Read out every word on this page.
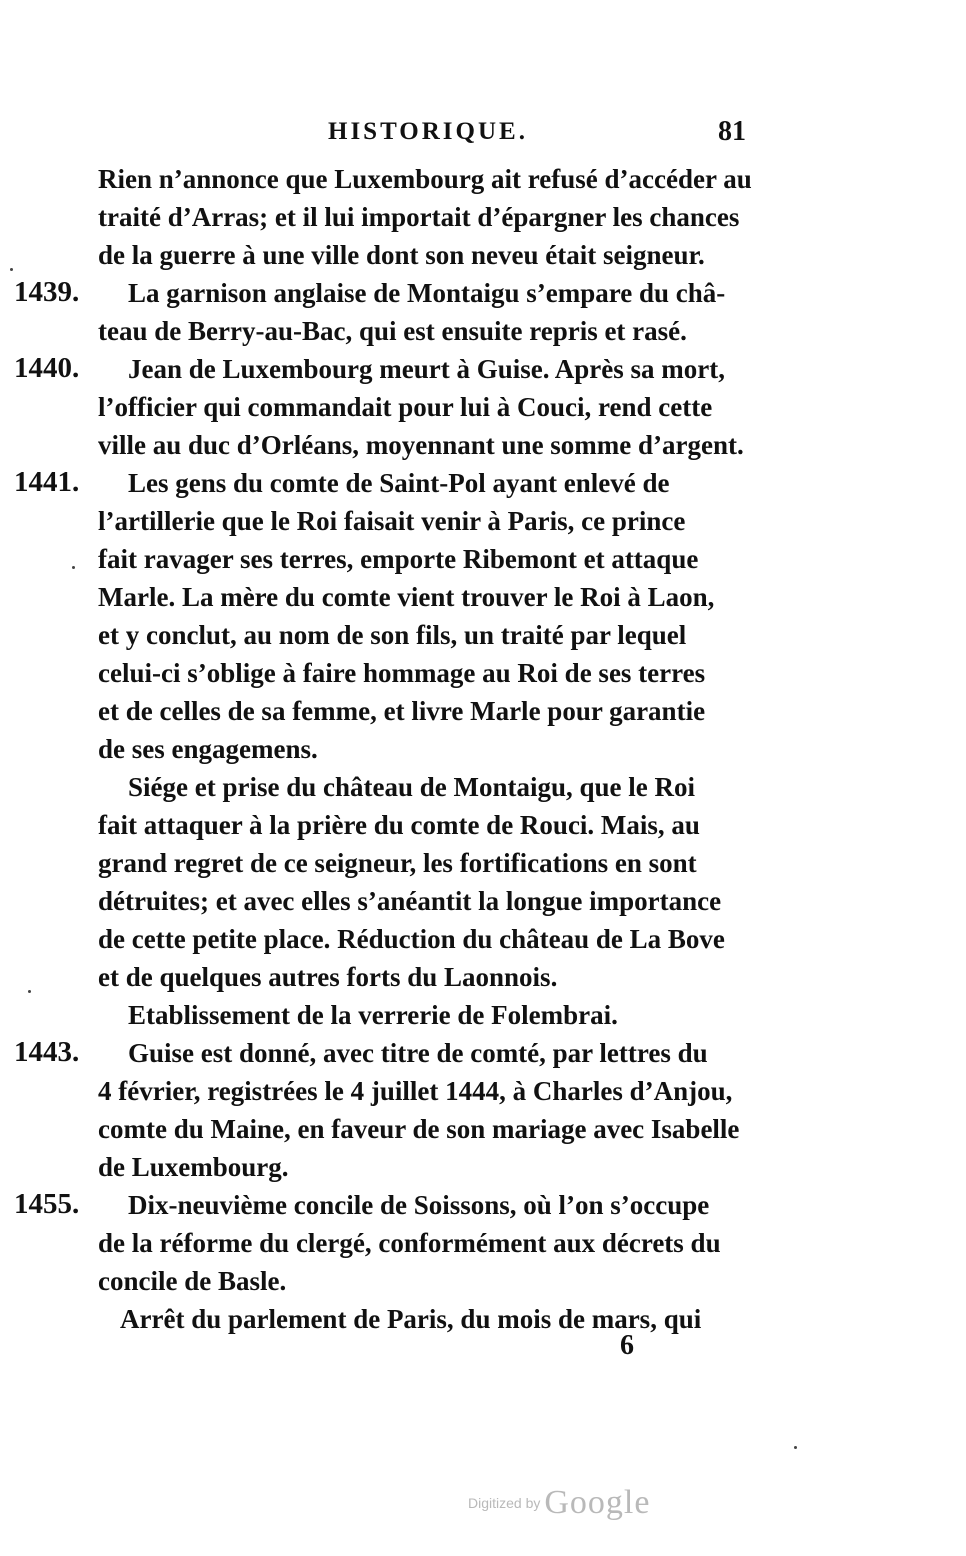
HISTORIQUE.	81
Rien n’annonce que Luxembourg ait refusé d’accéder au
traité d’Arras; et il lui importait d’épargner les chances
de la guerre à une ville dont son neveu était seigneur.
1439. La garnison anglaise de Montaigu s’empare du châ-
teau de Berry-au-Bac, qui est ensuite repris et rasé.
1440. Jean de Luxembourg meurt à Guise. Après sa mort,
l’officier qui commandait pour lui à Couci, rend cette
ville au duc d’Orléans, moyennant une somme d’argent.
1441. Les gens du comte de Saint-Pol ayant enlevé de
l’artillerie que le Roi faisait venir à Paris, ce prince
fait ravager ses terres, emporte Ribemont et attaque
Marle. La mère du comte vient trouver le Roi à Laon,
et y conclut, au nom de son fils, un traité par lequel
celui-ci s’oblige à faire hommage au Roi de ses terres
et de celles de sa femme, et livre Marle pour garantie
de ses engagemens.
Siége et prise du château de Montaigu, que le Roi
fait attaquer à la prière du comte de Rouci. Mais, au
grand regret de ce seigneur, les fortifications en sont
détruites; et avec elles s’anéantit la longue importance
de cette petite place. Réduction du château de La Bove
et de quelques autres forts du Laonnois.
Etablissement de la verrerie de Folembrai.
1443. Guise est donné, avec titre de comté, par lettres du
4 février, registrées le 4 juillet 1444, à Charles d’Anjou,
comte du Maine, en faveur de son mariage avec Isabelle
de Luxembourg.
1455. Dix-neuvième concile de Soissons, où l’on s’occupe
de la réforme du clergé, conformément aux décrets du
concile de Basle.
Arrêt du parlement de Paris, du mois de mars, qui
6
Digitized by Google
